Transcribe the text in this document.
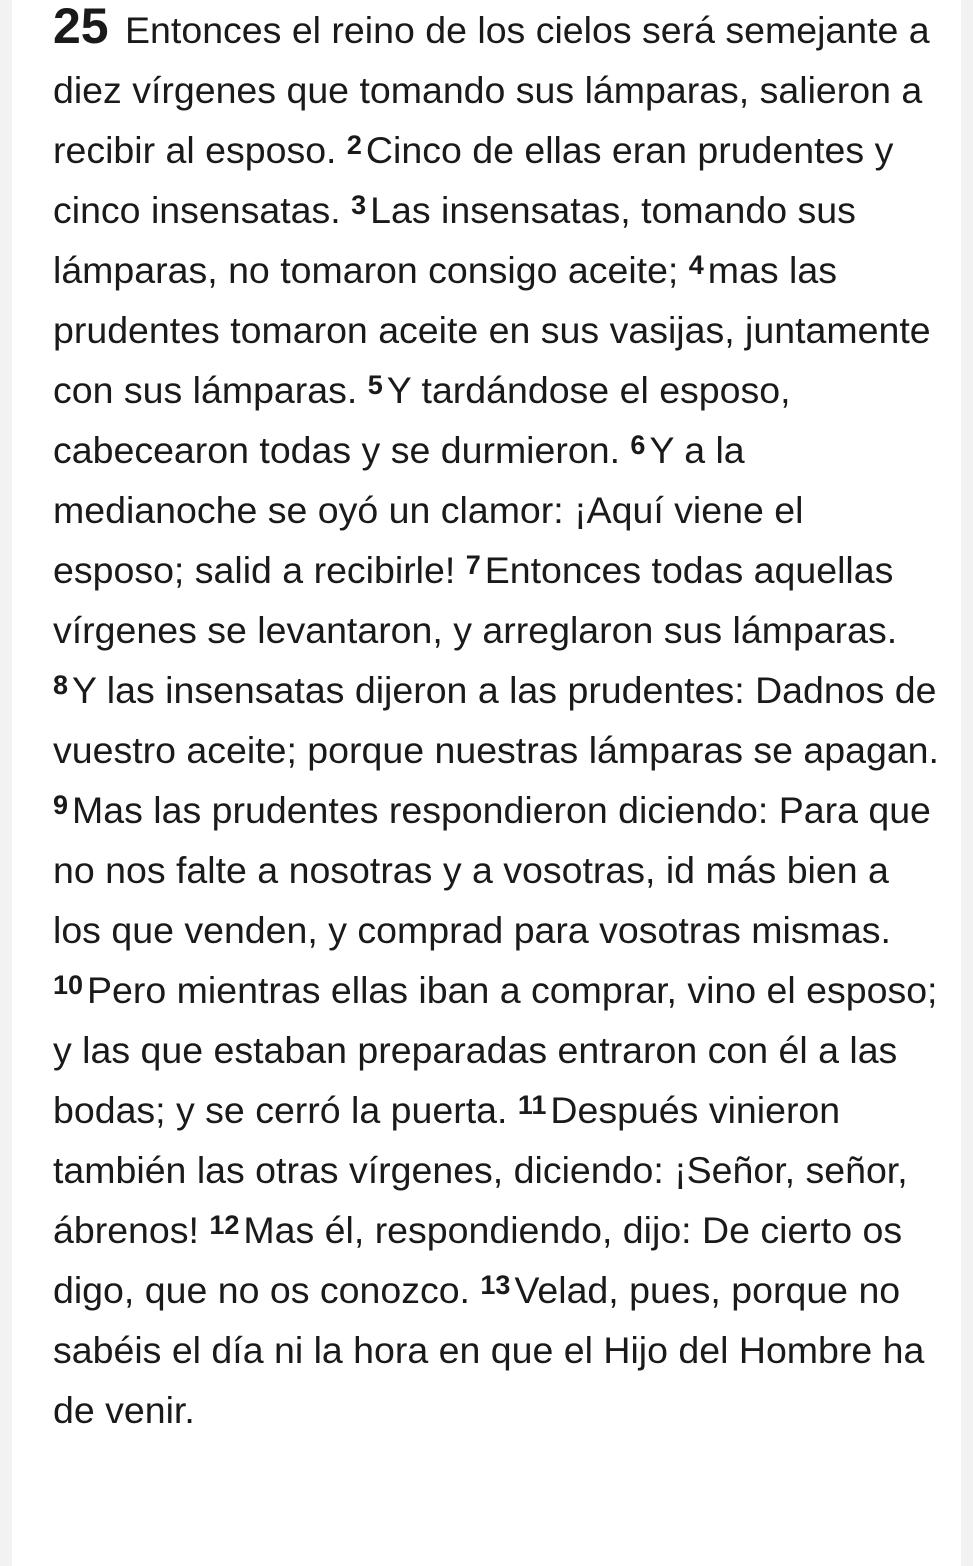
25 Entonces el reino de los cielos será semejante a diez vírgenes que tomando sus lámparas, salieron a recibir al esposo. $^2$ Cinco de ellas eran prudentes y cinco insensatas. $^3$ Las insensatas, tomando sus lámparas, no tomaron consigo aceite; $^4$ mas las prudentes tomaron aceite en sus vasijas, juntamente con sus lámparas. $^5$ Y tardándose el esposo, cabecearon todas y se durmieron. $^6$ Y a la medianoche se oyó un clamor: ¡Aquí viene el esposo; salid a recibirle! $^7$ Entonces todas aquellas vírgenes se levantaron, y arreglaron sus lámparas. $^8$ Y las insensatas dijeron a las prudentes: Dadnos de vuestro aceite; porque nuestras lámparas se apagan. $^9$ Mas las prudentes respondieron diciendo: Para que no nos falte a nosotras y a vosotras, id más bien a los que venden, y comprad para vosotras mismas. $^{10}$ Pero mientras ellas iban a comprar, vino el esposo; y las que estaban preparadas entraron con él a las bodas; y se cerró la puerta. $^{11}$ Después vinieron también las otras vírgenes, diciendo: ¡Señor, señor, ábrenos! $^{12}$ Mas él, respondiendo, dijo: De cierto os digo, que no os conozco. $^{13}$ Velad, pues, porque no sabéis el día ni la hora en que el Hijo del Hombre ha de venir.
